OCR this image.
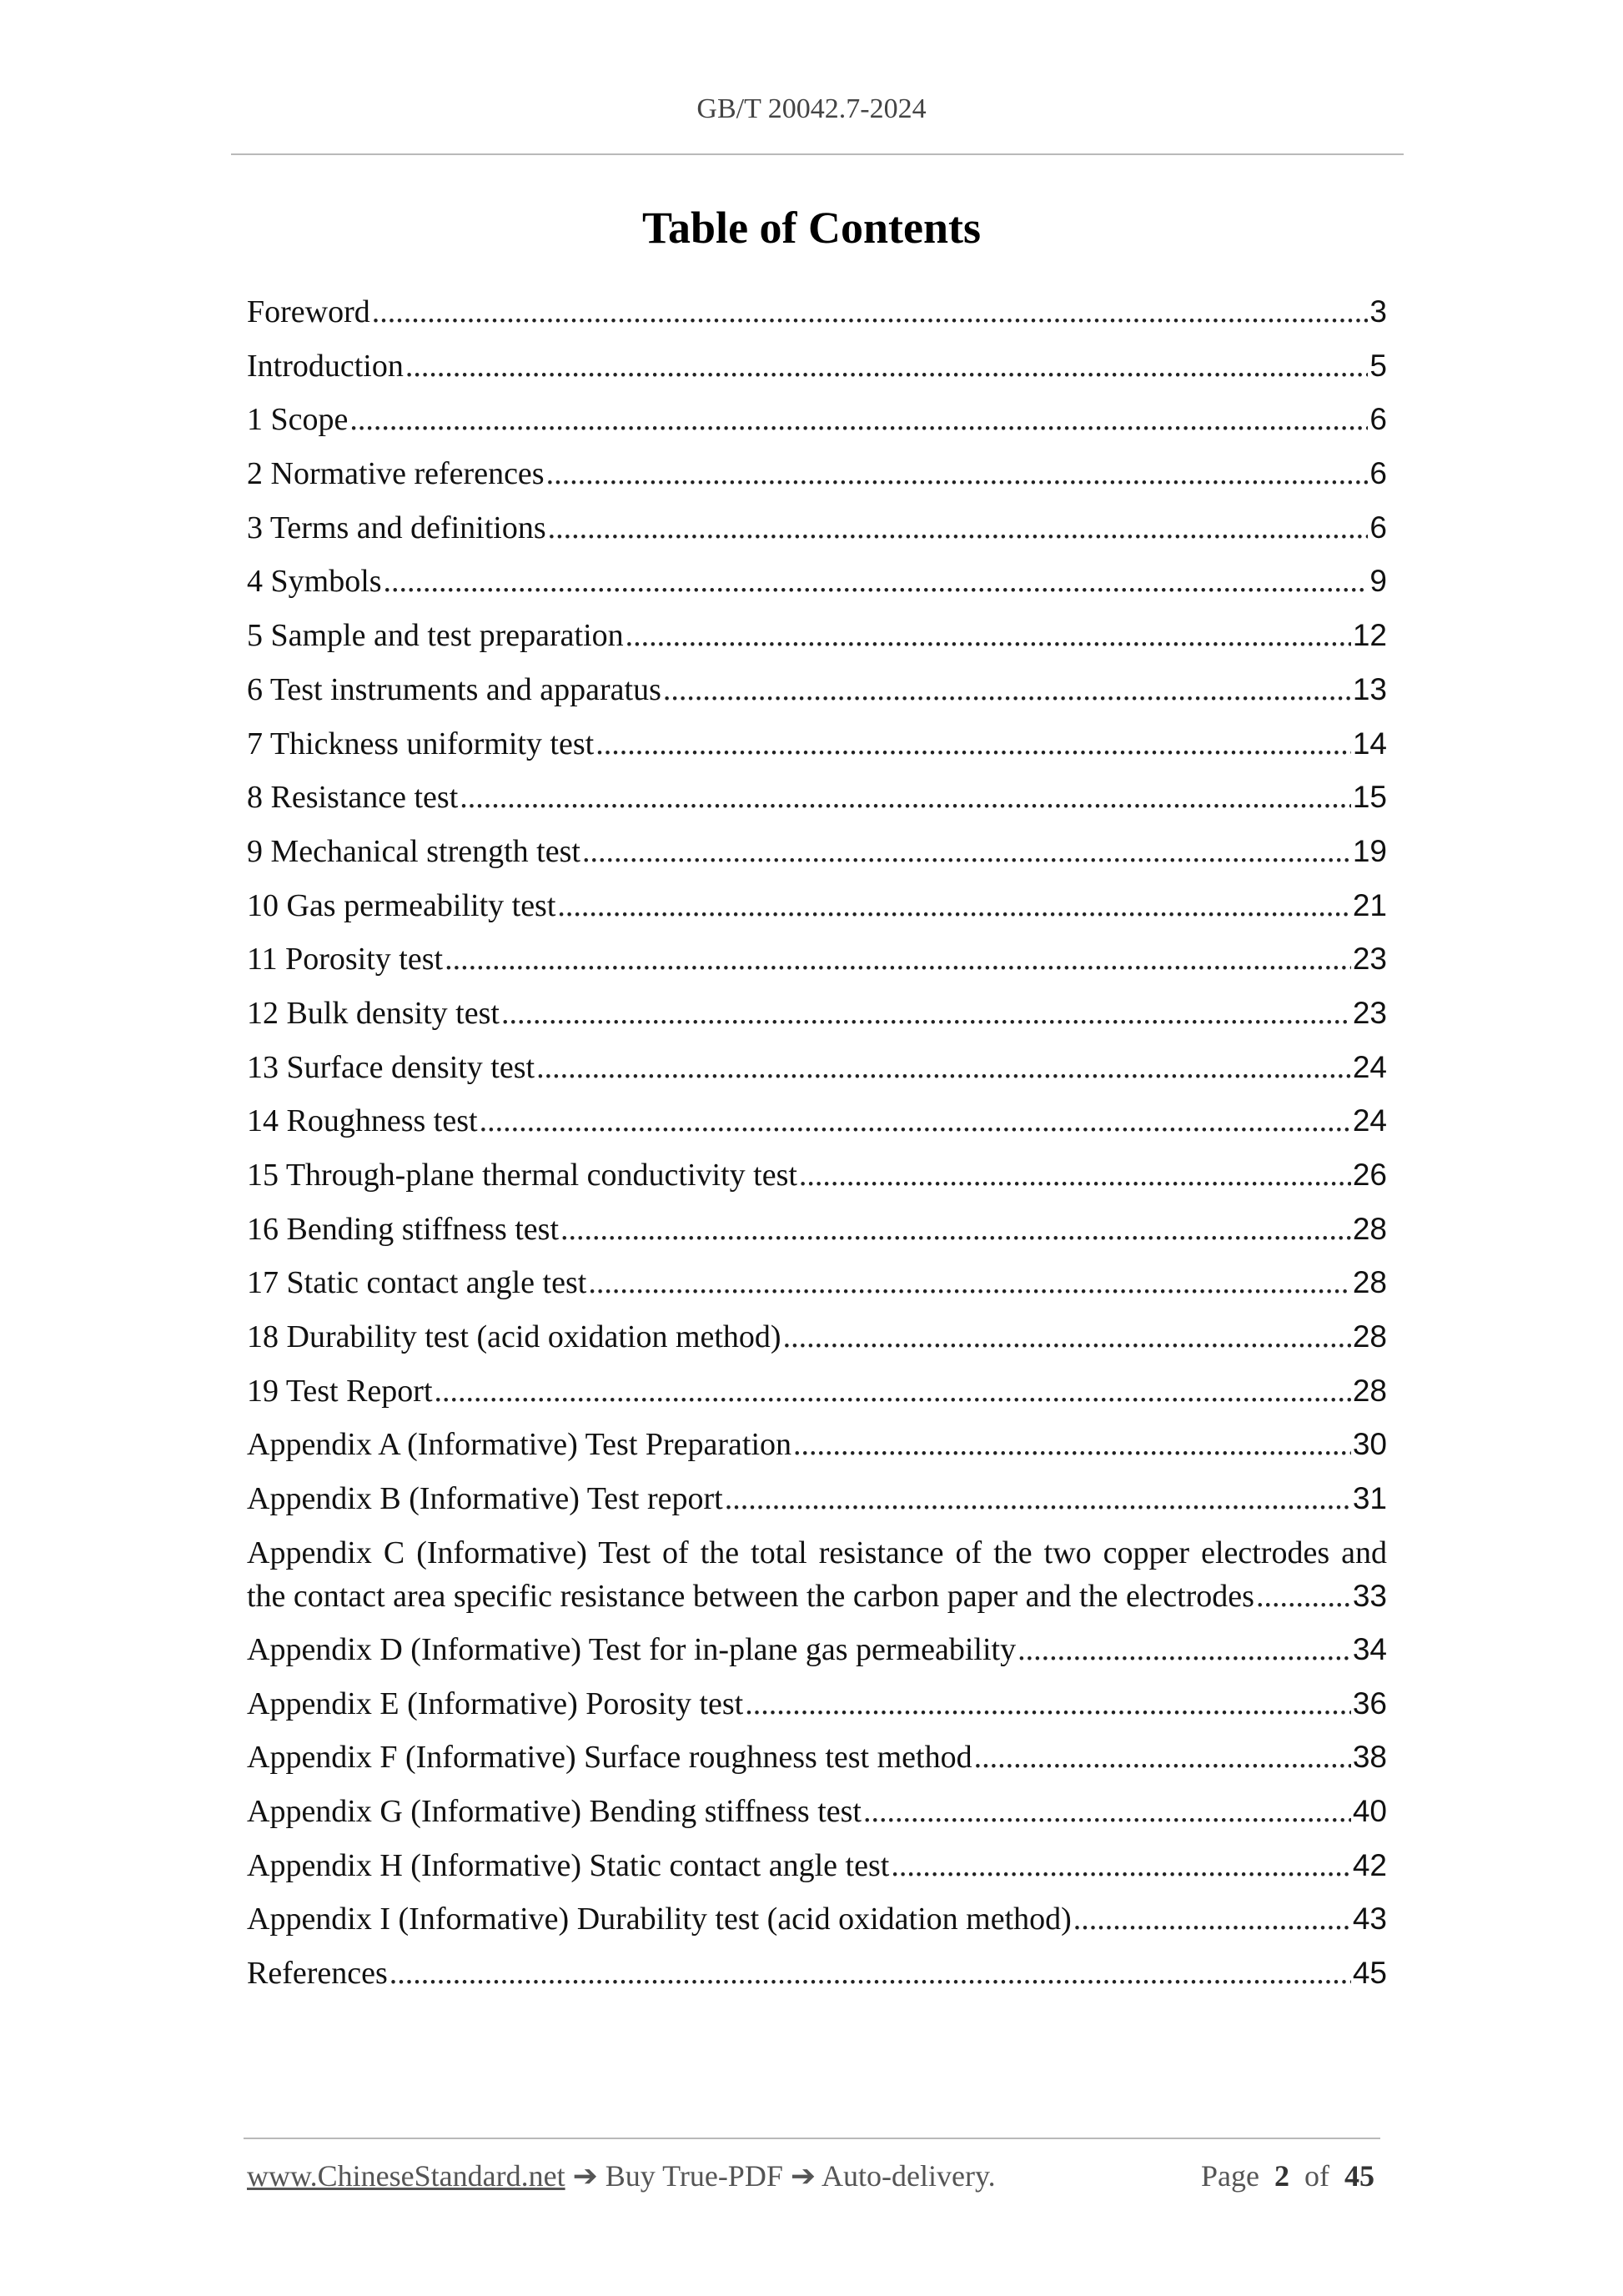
GB/T 20042.7-2024
Table of Contents
Foreword .....	3
Introduction .....	5
1 Scope .....	6
2 Normative references .....	6
3 Terms and definitions .....	6
4 Symbols .....	9
5 Sample and test preparation .....	12
6 Test instruments and apparatus .....	13
7 Thickness uniformity test .....	14
8 Resistance test .....	15
9 Mechanical strength test .....	19
10 Gas permeability test .....	21
11 Porosity test .....	23
12 Bulk density test .....	23
13 Surface density test .....	24
14 Roughness test .....	24
15 Through-plane thermal conductivity test .....	26
16 Bending stiffness test .....	28
17 Static contact angle test .....	28
18 Durability test (acid oxidation method) .....	28
19 Test Report .....	28
Appendix A (Informative) Test Preparation .....	30
Appendix B (Informative) Test report .....	31
Appendix C (Informative) Test of the total resistance of the two copper electrodes and
the contact area specific resistance between the carbon paper and the electrodes .....	33
Appendix D (Informative) Test for in-plane gas permeability .....	34
Appendix E (Informative) Porosity test .....	36
Appendix F (Informative) Surface roughness test method .....	38
Appendix G (Informative) Bending stiffness test .....	40
Appendix H (Informative) Static contact angle test .....	42
Appendix I (Informative) Durability test (acid oxidation method) .....	43
References .....	45
www.ChineseStandard.net ➔ Buy True-PDF ➔ Auto-delivery.	Page 2 of 45
